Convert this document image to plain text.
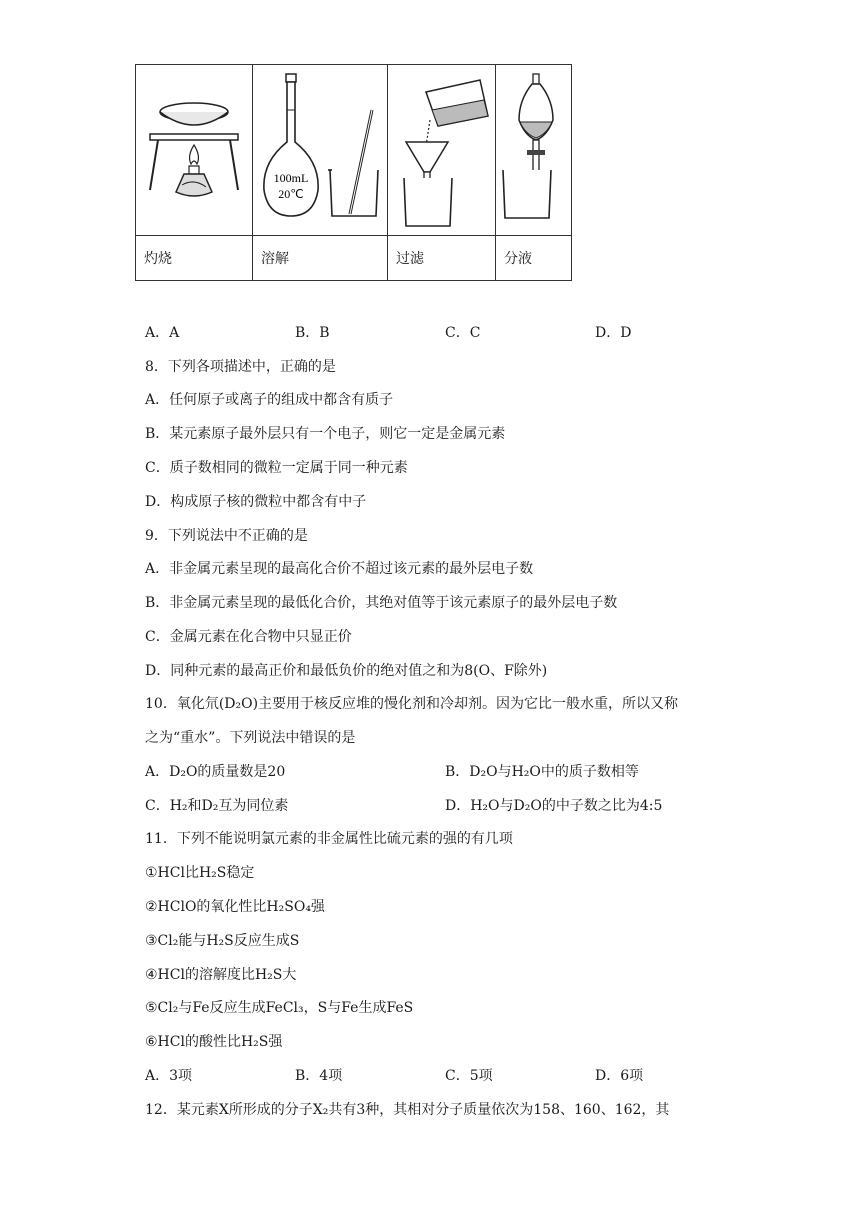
100mL
20℃

灼烧	溶解	过滤	分液
A．A	B．B	C．C	D．D
8．下列各项描述中，正确的是
A．任何原子或离子的组成中都含有质子
B．某元素原子最外层只有一个电子，则它一定是金属元素
C．质子数相同的微粒一定属于同一种元素
D．构成原子核的微粒中都含有中子
9．下列说法中不正确的是
A．非金属元素呈现的最高化合价不超过该元素的最外层电子数
B．非金属元素呈现的最低化合价，其绝对值等于该元素原子的最外层电子数
C．金属元素在化合物中只显正价
D．同种元素的最高正价和最低负价的绝对值之和为8(O、F除外)
10．氧化氘(D₂O)主要用于核反应堆的慢化剂和冷却剂。因为它比一般水重，所以又称
之为“重水”。下列说法中错误的是
A．D₂O的质量数是20	B．D₂O与H₂O中的质子数相等
C．H₂和D₂互为同位素	D．H₂O与D₂O的中子数之比为4:5
11．下列不能说明氯元素的非金属性比硫元素的强的有几项
①HCl比H₂S稳定
②HClO的氧化性比H₂SO₄强
③Cl₂能与H₂S反应生成S
④HCl的溶解度比H₂S大
⑤Cl₂与Fe反应生成FeCl₃，S与Fe生成FeS
⑥HCl的酸性比H₂S强
A．3项	B．4项	C．5项	D．6项
12．某元素X所形成的分子X₂共有3种，其相对分子质量依次为158、160、162，其
